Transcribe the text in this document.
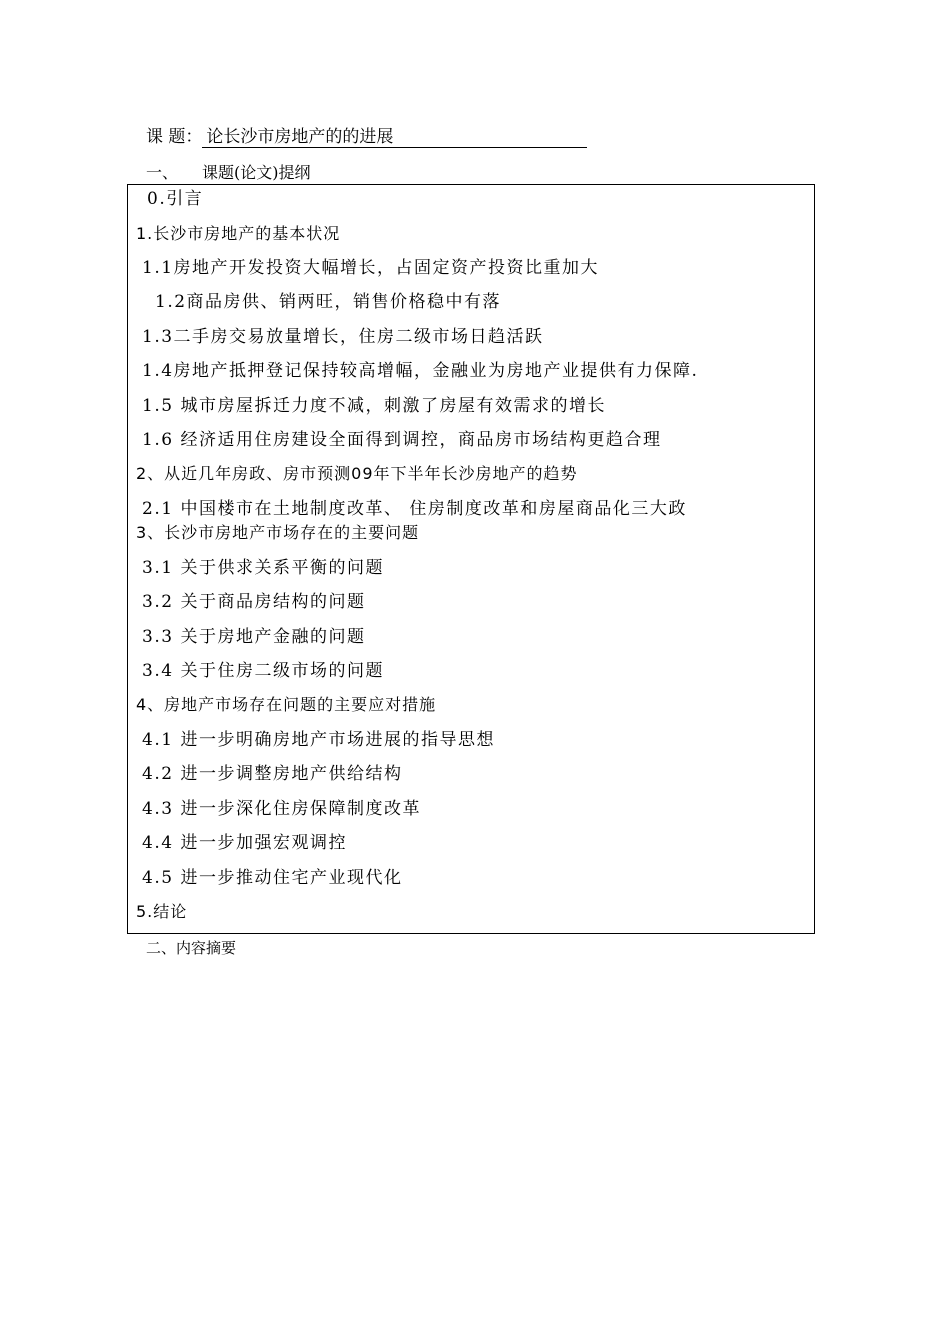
课 题： 论长沙市房地产的的进展
一、 课题(论文)提纲
0.引言
1.长沙市房地产的基本状况
1.1房地产开发投资大幅增长，占固定资产投资比重加大
1.2商品房供、销两旺，销售价格稳中有落
1.3二手房交易放量增长，住房二级市场日趋活跃
1.4房地产抵押登记保持较高增幅，金融业为房地产业提供有力保障.
1.5 城市房屋拆迁力度不减，刺激了房屋有效需求的增长
1.6 经济适用住房建设全面得到调控，商品房市场结构更趋合理
2、从近几年房政、房市预测09年下半年长沙房地产的趋势
2.1 中国楼市在土地制度改革、 住房制度改革和房屋商品化三大政
3、长沙市房地产市场存在的主要问题
3.1 关于供求关系平衡的问题
3.2 关于商品房结构的问题
3.3 关于房地产金融的问题
3.4 关于住房二级市场的问题
4、房地产市场存在问题的主要应对措施
4.1 进一步明确房地产市场进展的指导思想
4.2 进一步调整房地产供给结构
4.3 进一步深化住房保障制度改革
4.4 进一步加强宏观调控
4.5 进一步推动住宅产业现代化
5.结论
二、内容摘要
